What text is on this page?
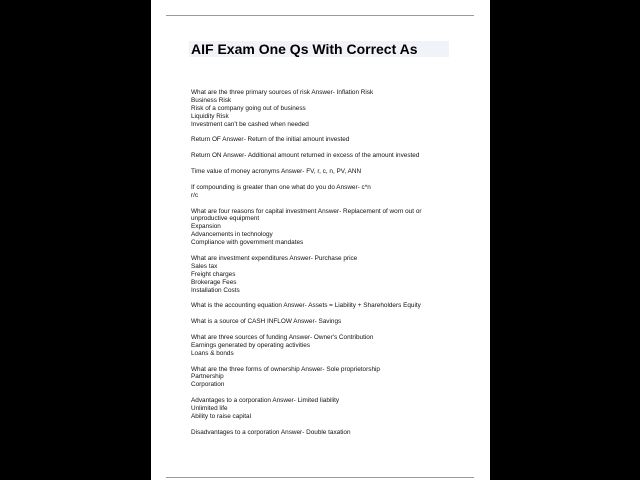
AIF Exam One Qs With Correct As
What are the three primary sources of risk Answer- Inflation Risk
Business Risk
Risk of a company going out of business
Liquidity Risk
Investment can't be cashed when needed
Return OF Answer- Return of the initial amount invested
Return ON Answer- Additional amount returned in excess of the amount invested
Time value of money acronyms Answer- FV, r, c, n, PV, ANN
If compounding is greater than one what do you do Answer- c*n
r/c
What are four reasons for capital investment Answer- Replacement of worn out or
unproductive equipment
Expansion
Advancements in technology
Compliance with government mandates
What are investment expenditures Answer- Purchase price
Sales tax
Freight charges
Brokerage Fees
Installation Costs
What is the accounting equation Answer- Assets = Liability + Shareholders Equity
What is a source of CASH INFLOW Answer- Savings
What are three sources of funding Answer- Owner's Contribution
Earnings generated by operating activities
Loans & bonds
What are the three forms of ownership Answer- Sole proprietorship
Partnership
Corporation
Advantages to a corporation Answer- Limited liability
Unlimited life
Ability to raise capital
Disadvantages to a corporation Answer- Double taxation
